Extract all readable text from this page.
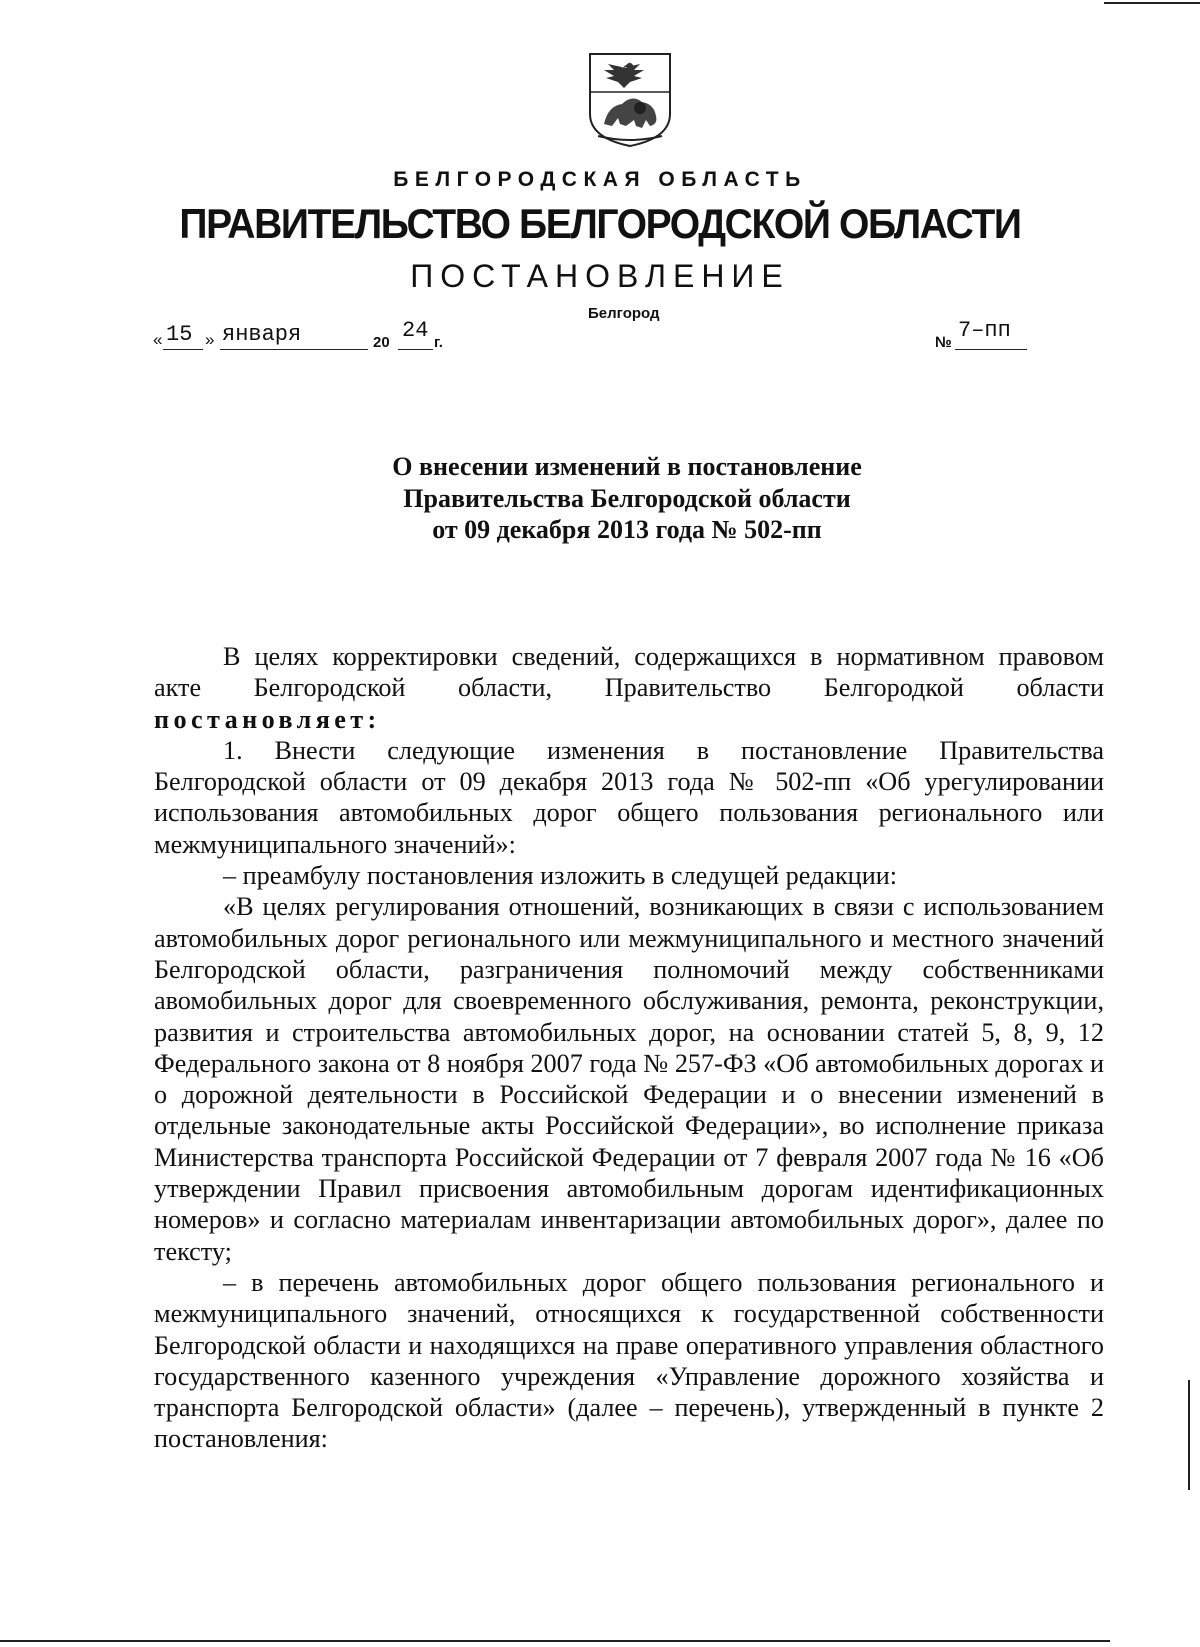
БЕЛГОРОДСКАЯ ОБЛАСТЬ
ПРАВИТЕЛЬСТВО БЕЛГОРОДСКОЙ ОБЛАСТИ
ПОСТАНОВЛЕНИЕ
Белгород
« 15 » января	20 24 г.	№ 7–пп
О внесении изменений в постановление
Правительства Белгородской области
от 09 декабря 2013 года № 502-пп

В целях корректировки сведений, содержащихся в нормативном правовом акте Белгородской области, Правительство Белгородкой области постановляет:

1. Внести следующие изменения в постановление Правительства Белгородской области от 09 декабря 2013 года № 502-пп «Об урегулировании использования автомобильных дорог общего пользования регионального или межмуниципального значений»:

– преамбулу постановления изложить в следущей редакции:

«В целях регулирования отношений, возникающих в связи с использованием автомобильных дорог регионального или межмуниципального и местного значений Белгородской области, разграничения полномочий между собственниками авомобильных дорог для своевременного обслуживания, ремонта, реконструкции, развития и строительства автомобильных дорог, на основании статей 5, 8, 9, 12 Федерального закона от 8 ноября 2007 года № 257-ФЗ «Об автомобильных дорогах и о дорожной деятельности в Российской Федерации и о внесении изменений в отдельные законодательные акты Российской Федерации», во исполнение приказа Министерства транспорта Российской Федерации от 7 февраля 2007 года № 16 «Об утверждении Правил присвоения автомобильным дорогам идентификационных номеров» и согласно материалам инвентаризации автомобильных дорог», далее по тексту;

– в перечень автомобильных дорог общего пользования регионального и межмуниципального значений, относящихся к государственной собственности Белгородской области и находящихся на праве оперативного управления областного государственного казенного учреждения «Управление дорожного хозяйства и транспорта Белгородской области» (далее – перечень), утвержденный в пункте 2 постановления:
